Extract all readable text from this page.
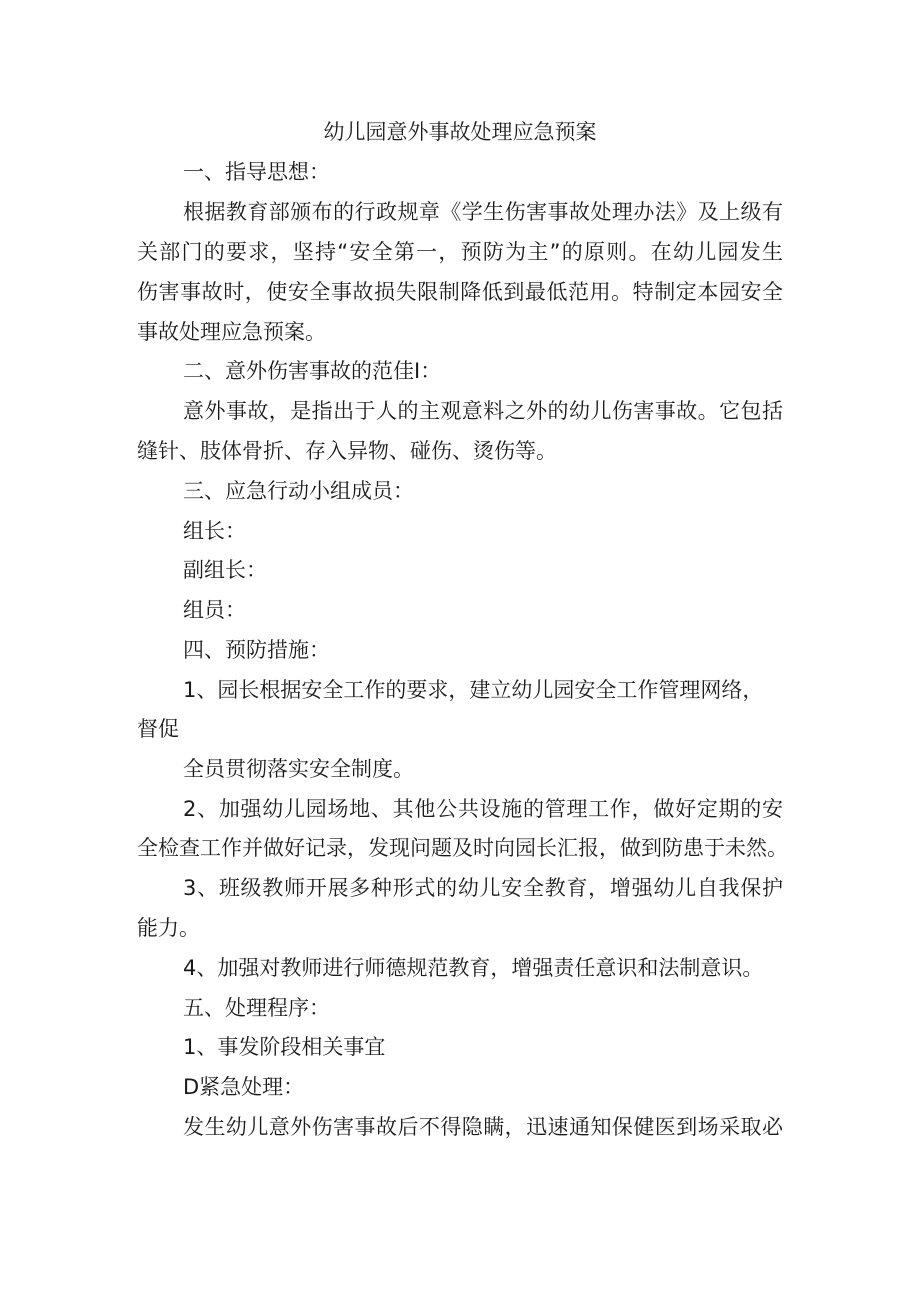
幼儿园意外事故处理应急预案

一、指导思想：

根据教育部颁布的行政规章《学生伤害事故处理办法》及上级有

关部门的要求，坚持“安全第一，预防为主”的原则。在幼儿园发生

伤害事故时，使安全事故损失限制降低到最低范用。特制定本园安全

事故处理应急预案。

二、意外伤害事故的范佳I：

意外事故，是指出于人的主观意料之外的幼儿伤害事故。它包括

缝针、肢体骨折、存入异物、碰伤、烫伤等。

三、应急行动小组成员：

组长：

副组长：

组员：

四、预防措施：

1、园长根据安全工作的要求，建立幼儿园安全工作管理网络，

督促

全员贯彻落实安全制度。

2、加强幼儿园场地、其他公共设施的管理工作，做好定期的安

全检查工作并做好记录，发现问题及时向园长汇报，做到防患于未然。

3、班级教师开展多种形式的幼儿安全教育，增强幼儿自我保护

能力。

4、加强对教师进行师德规范教育，增强责任意识和法制意识。

五、处理程序：

1、事发阶段相关事宜

D紧急处理：

发生幼儿意外伤害事故后不得隐瞒，迅速通知保健医到场采取必
